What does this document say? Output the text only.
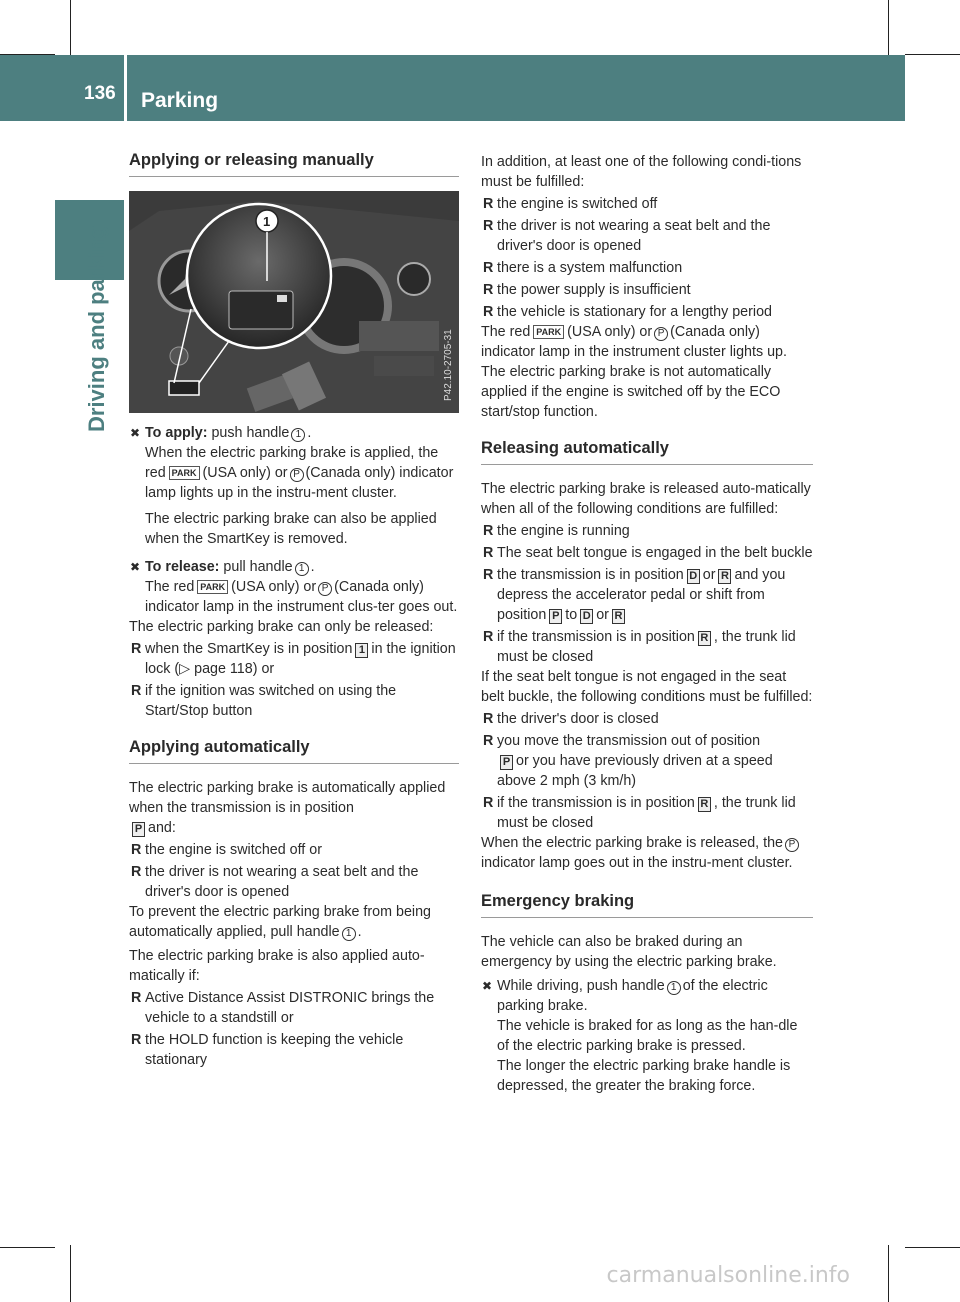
136 Parking
Driving and parking
Applying or releasing manually
1
P42.10-2705-31
✖ To apply: push handle 1 .
When the electric parking brake is applied, the red PARK (USA only) or P (Canada only) indicator lamp lights up in the instru-ment cluster.

The electric parking brake can also be applied when the SmartKey is removed.

✖ To release: pull handle 1 .
The red PARK (USA only) or P (Canada only) indicator lamp in the instrument clus-ter goes out.

The electric parking brake can only be released:

R when the SmartKey is in position 1 in the ignition lock (▷ page 118) or
R if the ignition was switched on using the Start/Stop button
Applying automatically

The electric parking brake is automatically applied when the transmission is in position
P and:

R the engine is switched off or
R the driver is not wearing a seat belt and the driver's door is opened

To prevent the electric parking brake from being automatically applied, pull handle 1 .

The electric parking brake is also applied auto-matically if:

R Active Distance Assist DISTRONIC brings the vehicle to a standstill or
R the HOLD function is keeping the vehicle stationary

In addition, at least one of the following condi-tions must be fulfilled:

R the engine is switched off
R the driver is not wearing a seat belt and the driver's door is opened
R there is a system malfunction
R the power supply is insufficient
R the vehicle is stationary for a lengthy period

The red PARK (USA only) or P (Canada only) indicator lamp in the instrument cluster lights up.

The electric parking brake is not automatically applied if the engine is switched off by the ECO start/stop function.

Releasing automatically

The electric parking brake is released auto-matically when all of the following conditions are fulfilled:

R the engine is running
R The seat belt tongue is engaged in the belt buckle
R the transmission is in position D or R and you depress the accelerator pedal or shift from position P to D or R
R if the transmission is in position R , the trunk lid must be closed

If the seat belt tongue is not engaged in the seat belt buckle, the following conditions must be fulfilled:

R the driver's door is closed
R you move the transmission out of position
P or you have previously driven at a speed above 2 mph (3 km/h)
R if the transmission is in position R , the trunk lid must be closed

When the electric parking brake is released, the Pindicator lamp goes out in the instru-ment cluster.

Emergency braking

The vehicle can also be braked during an emergency by using the electric parking brake.

✖ While driving, push handle 1 of the electric parking brake.

The vehicle is braked for as long as the han-dle of the electric parking brake is pressed.

The longer the electric parking brake handle is depressed, the greater the braking force.

carmanualsonline.info
